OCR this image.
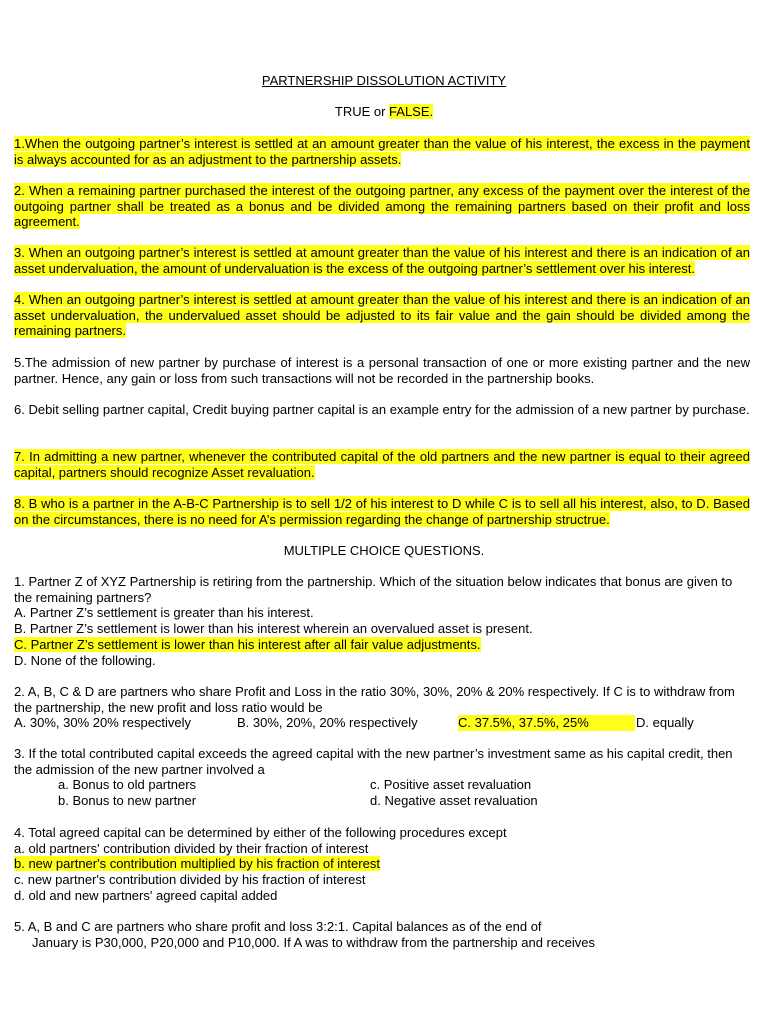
PARTNERSHIP DISSOLUTION ACTIVITY
TRUE or FALSE.
1.When the outgoing partner’s interest is settled at an amount greater than the value of his interest, the excess in the payment is always accounted for as an adjustment to the partnership assets.
2. When a remaining partner purchased the interest of the outgoing partner, any excess of the payment over the interest of the outgoing partner shall be treated as a bonus and be divided among the remaining partners based on their profit and loss agreement.
3. When an outgoing partner’s interest is settled at amount greater than the value of his interest and there is an indication of an asset undervaluation, the amount of undervaluation is the excess of the outgoing partner’s settlement over his interest.
4. When an outgoing partner’s interest is settled at amount greater than the value of his interest and there is an indication of an asset undervaluation, the undervalued asset should be adjusted to its fair value and the gain should be divided among the remaining partners.
5.The admission of new partner by purchase of interest is a personal transaction of one or more existing partner and the new partner. Hence, any gain or loss from such transactions will not be recorded in the partnership books.
6. Debit selling partner capital, Credit buying partner capital is an example entry for the admission of a new partner by purchase.
7. In admitting a new partner, whenever the contributed capital of the old partners and the new partner is equal to their agreed capital, partners should recognize Asset revaluation.
8. B who is a partner in the A-B-C Partnership is to sell 1/2 of his interest to D while C is to sell all his interest, also, to D. Based on the circumstances, there is no need for A’s permission regarding the change of partnership structrue.
MULTIPLE CHOICE QUESTIONS.
1. Partner Z of XYZ Partnership is retiring from the partnership. Which of the situation below indicates that bonus are given to the remaining partners?
A. Partner Z’s settlement is greater than his interest.
B. Partner Z’s settlement is lower than his interest wherein an overvalued asset is present.
C. Partner Z’s settlement is lower than his interest after all fair value adjustments.
D. None of the following.
2. A, B, C & D are partners who share Profit and Loss in the ratio 30%, 30%, 20% & 20% respectively. If C is to withdraw from the partnership, the new profit and loss ratio would be
A. 30%, 30% 20% respectively	B. 30%, 20%, 20% respectively	C. 37.5%, 37.5%, 25%	D. equally
3. If the total contributed capital exceeds the agreed capital with the new partner’s investment same as his capital credit, then the admission of the new partner involved a
a. Bonus to old partners	c. Positive asset revaluation
b. Bonus to new partner	d. Negative asset revaluation
4. Total agreed capital can be determined by either of the following procedures except
a. old partners' contribution divided by their fraction of interest
b. new partner's contribution multiplied by his fraction of interest
c. new partner's contribution divided by his fraction of interest
d. old and new partners' agreed capital added
5. A, B and C are partners who share profit and loss 3:2:1. Capital balances as of the end of
January is P30,000, P20,000 and P10,000. If A was to withdraw from the partnership and receives
